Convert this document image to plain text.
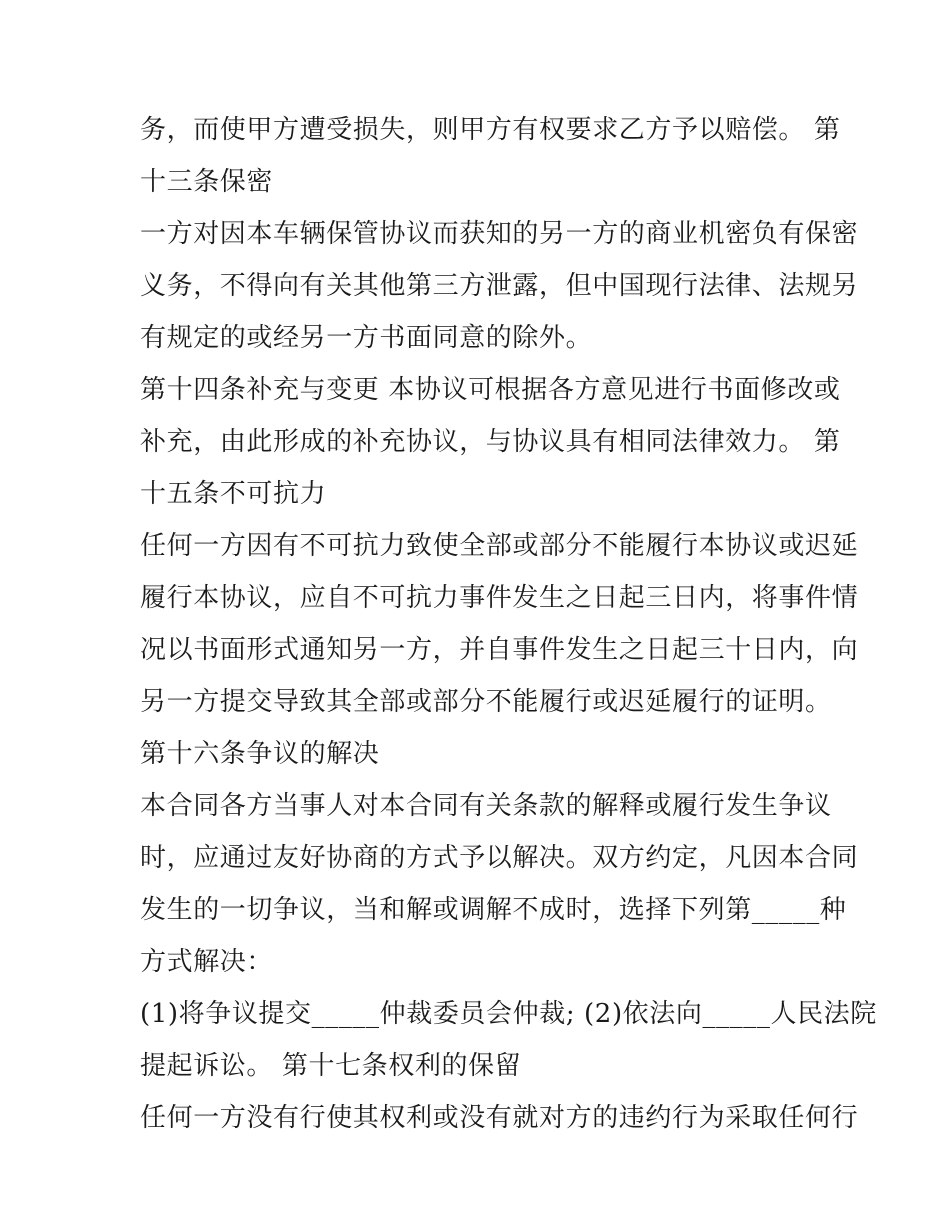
务，而使甲方遭受损失，则甲方有权要求乙方予以赔偿。 第
十三条保密
一方对因本车辆保管协议而获知的另一方的商业机密负有保密
义务，不得向有关其他第三方泄露，但中国现行法律、法规另
有规定的或经另一方书面同意的除外。
第十四条补充与变更 本协议可根据各方意见进行书面修改或
补充，由此形成的补充协议，与协议具有相同法律效力。 第
十五条不可抗力
任何一方因有不可抗力致使全部或部分不能履行本协议或迟延
履行本协议，应自不可抗力事件发生之日起三日内，将事件情
况以书面形式通知另一方，并自事件发生之日起三十日内，向
另一方提交导致其全部或部分不能履行或迟延履行的证明。
第十六条争议的解决
本合同各方当事人对本合同有关条款的解释或履行发生争议
时，应通过友好协商的方式予以解决。双方约定，凡因本合同
发生的一切争议，当和解或调解不成时，选择下列第_____种
方式解决：
(1)将争议提交_____仲裁委员会仲裁; (2)依法向_____人民法院
提起诉讼。 第十七条权利的保留
任何一方没有行使其权利或没有就对方的违约行为采取任何行
